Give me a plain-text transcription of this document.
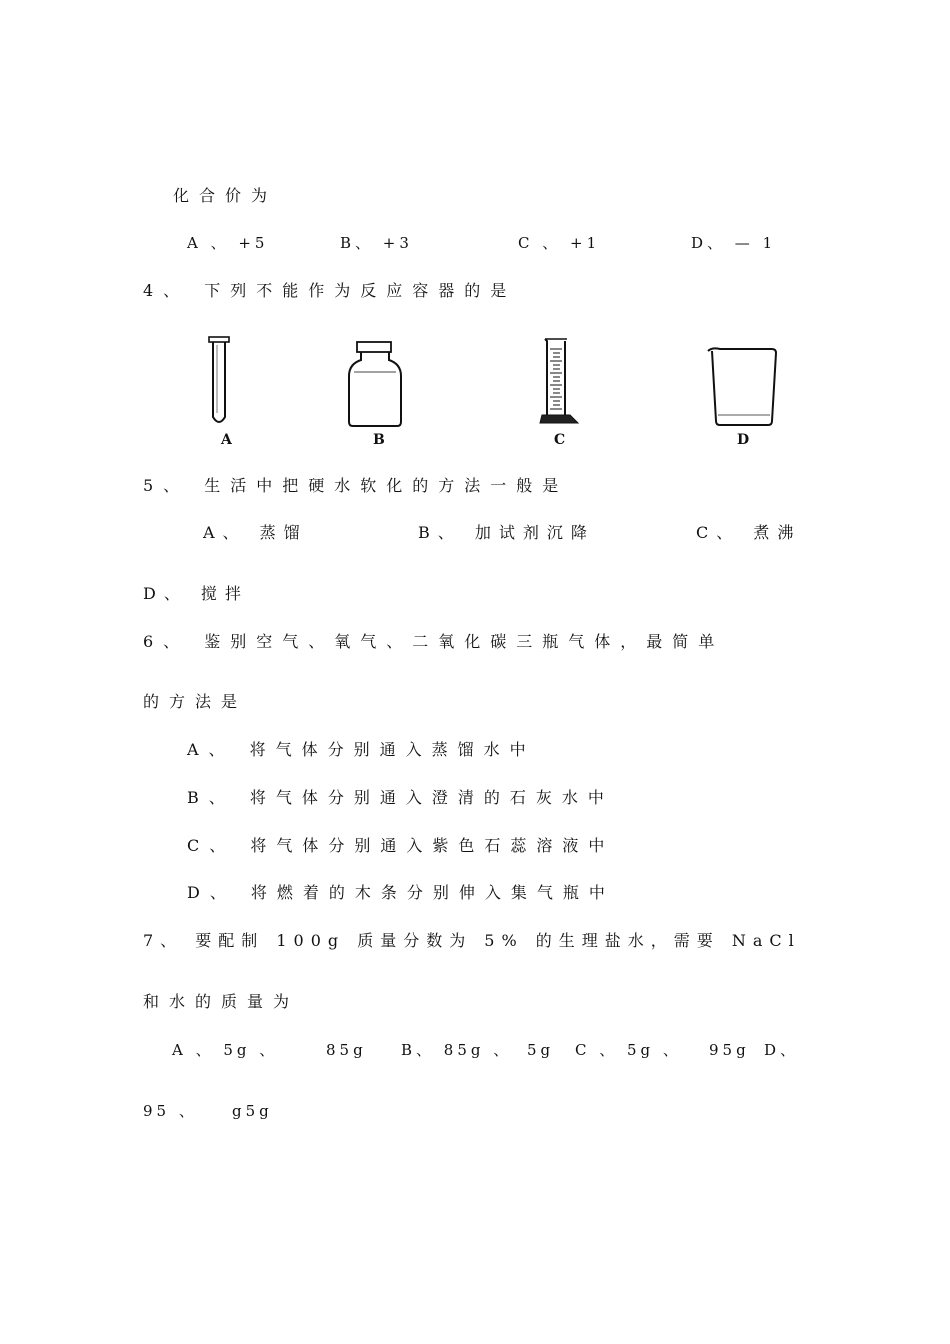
化合价为
A 、 +5	B、 +3	C 、 +1	D、 — 1
4、 下列不能作为反应容器的是
A	B	C	D
5、 生活中把硬水软化的方法一般是
A、 蒸馏	B、 加试剂沉降	C、 煮沸
D、 搅拌
6、 鉴别空气、氧气、二氧化碳三瓶气体，最简单
的方法是
A、 将气体分别通入蒸馏水中
B、 将气体分别通入澄清的石灰水中
C、 将气体分别通入紫色石蕊溶液中
D、 将燃着的木条分别伸入集气瓶中
7、 要配制 100g 质量分数为 5% 的生理盐水，需要 NaCl
和水的质量为
A 、 5g 、	85g B、 85g 、 5g C 、 5g 、 95g D、
95 、 g5g
